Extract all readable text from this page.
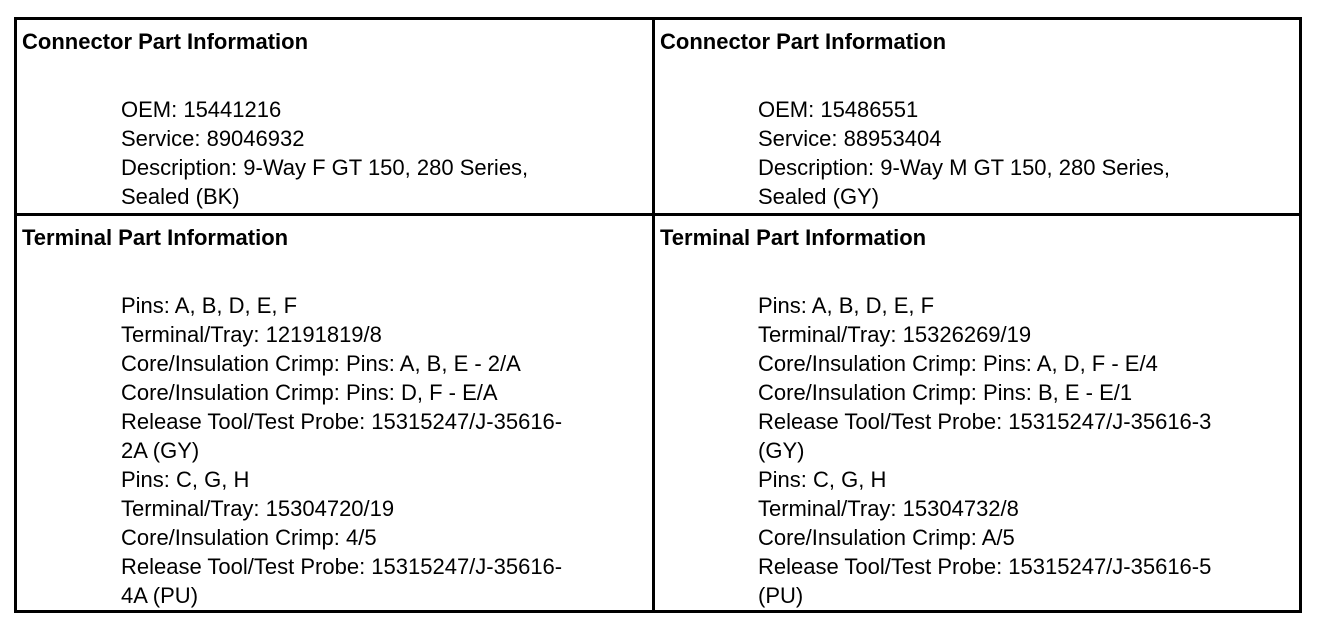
Connector Part Information
OEM: 15441216
Service: 89046932
Description: 9-Way F GT 150, 280 Series,
Sealed (BK)
Connector Part Information
OEM: 15486551
Service: 88953404
Description: 9-Way M GT 150, 280 Series,
Sealed (GY)
Terminal Part Information
Pins: A, B, D, E, F
Terminal/Tray: 12191819/8
Core/Insulation Crimp: Pins: A, B, E - 2/A
Core/Insulation Crimp: Pins: D, F - E/A
Release Tool/Test Probe: 15315247/J-35616-
2A (GY)
Pins: C, G, H
Terminal/Tray: 15304720/19
Core/Insulation Crimp: 4/5
Release Tool/Test Probe: 15315247/J-35616-
4A (PU)
Terminal Part Information
Pins: A, B, D, E, F
Terminal/Tray: 15326269/19
Core/Insulation Crimp: Pins: A, D, F - E/4
Core/Insulation Crimp: Pins: B, E - E/1
Release Tool/Test Probe: 15315247/J-35616-3
(GY)
Pins: C, G, H
Terminal/Tray: 15304732/8
Core/Insulation Crimp: A/5
Release Tool/Test Probe: 15315247/J-35616-5
(PU)
